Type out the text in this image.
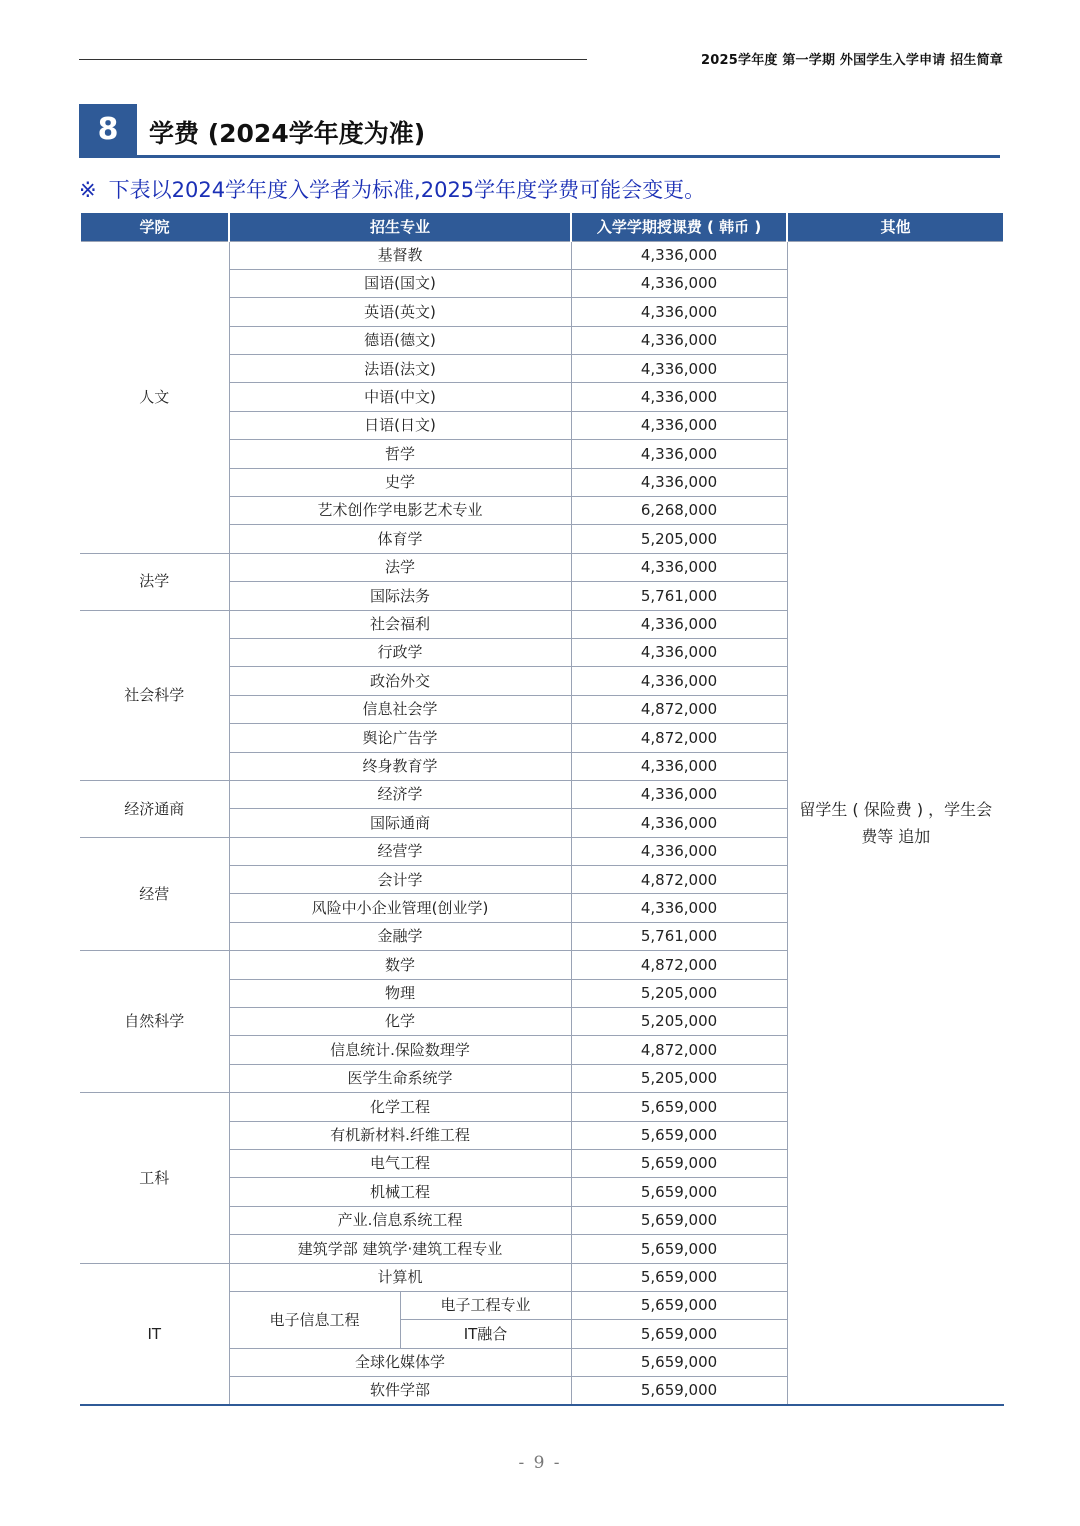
2025学年度 第一学期 外国学生入学申请 招生简章
8	学费 (2024学年度为准)
※ 下表以2024学年度入学者为标准,2025学年度学费可能会变更。
学院	招生专业		入学学期授课费 ( 韩币 )	其他
人文	基督教		4,336,000	留学生 ( 保险费 ) ，学生会费等 追加
	国语(国文)		4,336,000	
	英语(英文)		4,336,000	
	德语(德文)		4,336,000	
	法语(法文)		4,336,000	
	中语(中文)		4,336,000	
	日语(日文)		4,336,000	
	哲学		4,336,000	
	史学		4,336,000	
	艺术创作学电影艺术专业		6,268,000	
	体育学		5,205,000	
法学	法学		4,336,000	
	国际法务		5,761,000	
社会科学	社会福利		4,336,000	
	行政学		4,336,000	
	政治外交		4,336,000	
	信息社会学		4,872,000	
	舆论广告学		4,872,000	
	终身教育学		4,336,000	
经济通商	经济学		4,336,000	
	国际通商		4,336,000	
经营	经营学		4,336,000	
	会计学		4,872,000	
	风险中小企业管理(创业学)		4,336,000	
	金融学		5,761,000	
自然科学	数学		4,872,000	
	物理		5,205,000	
	化学		5,205,000	
	信息统计.保险数理学		4,872,000	
	医学生命系统学		5,205,000	
工科	化学工程		5,659,000	
	有机新材料.纤维工程		5,659,000	
	电气工程		5,659,000	
	机械工程		5,659,000	
	产业.信息系统工程		5,659,000	
	建筑学部 建筑学·建筑工程专业		5,659,000	
IT	计算机		5,659,000	
	电子信息工程	电子工程专业	5,659,000	
		IT融合	5,659,000	
	全球化媒体学		5,659,000	
	软件学部		5,659,000	
- 9 -
